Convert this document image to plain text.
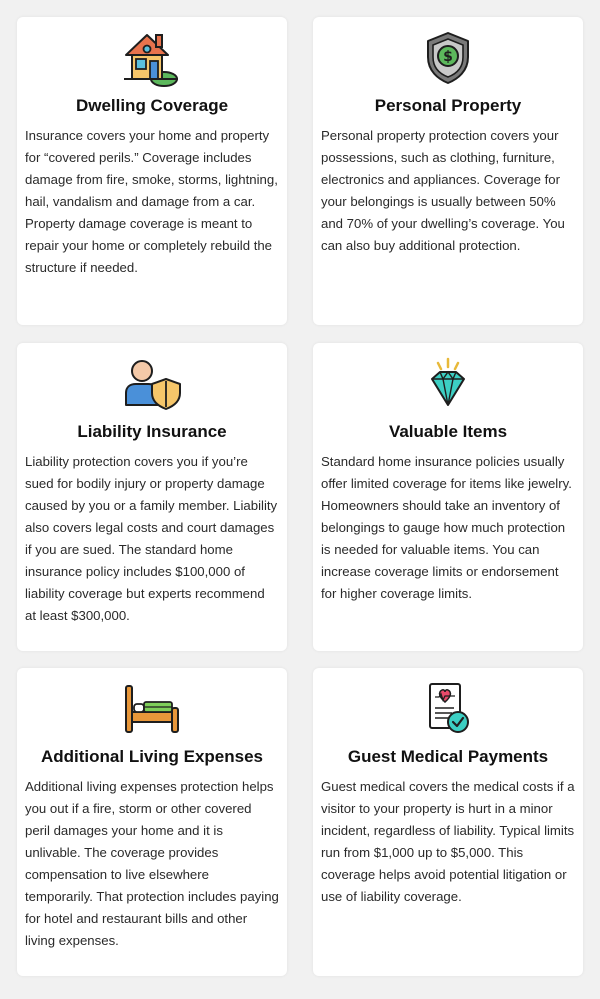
Dwelling Coverage
Insurance covers your home and property for “covered perils.” Coverage includes damage from fire, smoke, storms, lightning, hail, vandalism and damage from a car. Property damage coverage is meant to repair your home or completely rebuild the structure if needed.
$
Personal Property
Personal property protection covers your possessions, such as clothing, furniture, electronics and appliances. Coverage for your belongings is usually between 50% and 70% of your dwelling’s coverage. You can also buy additional protection.
Liability Insurance
Liability protection covers you if you’re sued for bodily injury or property damage caused by you or a family member. Liability also covers legal costs and court damages if you are sued. The standard home insurance policy includes $100,000 of liability coverage but experts recommend at least $300,000.
Valuable Items
Standard home insurance policies usually offer limited coverage for items like jewelry. Homeowners should take an inventory of belongings to gauge how much protection is needed for valuable items. You can increase coverage limits or endorsement for higher coverage limits.
Additional Living Expenses
Additional living expenses protection helps you out if a fire, storm or other covered peril damages your home and it is unlivable. The coverage provides compensation to live elsewhere temporarily. That protection includes paying for hotel and restaurant bills and other living expenses.
Guest Medical Payments
Guest medical covers the medical costs if a visitor to your property is hurt in a minor incident, regardless of liability. Typical limits run from $1,000 up to $5,000. This coverage helps avoid potential litigation or use of liability coverage.
